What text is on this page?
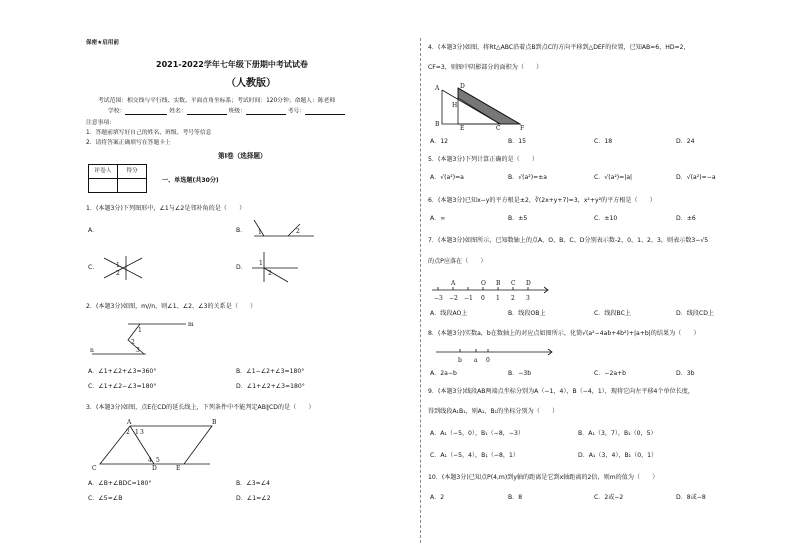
保密★启用前
2021-2022学年七年级下册期中考试试卷
（人教版）
考试范围：相交线与平行线、实数、平面直角坐标系；考试时间：120分钟；命题人：陈老师
学校：	姓名：	班级：	考号：
注意事项：
1．答题前填写好自己的姓名、班级、考号等信息
2．请将答案正确填写在答题卡上
第Ⅰ卷（选择题）
评卷人	得分

一、单选题(共30分)
1．(本题3分)下列图形中，∠1与∠2是邻补角的是（　　）
A．	B． 1	2
C．	1
2
D．
1
2
2．(本题3分)如图，m//n，则∠1、∠2、∠3的关系是（　　）
m
n
1
2
3
A．∠1+∠2+∠3=360°	B．∠1−∠2+∠3=180°
C．∠1+∠2−∠3=180°	D．∠1+∠2+∠3=180°
3．(本题3分)如图，点E在CD的延长线上，下列条件中不能判定AB∥CD的是（　　）
A	B
C	D	E
1
2 3
4 5
A．∠B+∠BDC=180°	B．∠3=∠4
C．∠5=∠B	D．∠1=∠2
4．(本题3分)如图，将Rt△ABC沿着点B到点C的方向平移到△DEF的位置，已知AB=6，HD=2，
CF=3，则图中阴影部分的面积为（　　）
D
A
H
B
E	C	F
A．12	B．15	C．18	D．24
5．(本题3分)下列计算正确的是（　　）
A．√(a²)=a	B．√(a²)=±a	C．√(a²)=|a|	D．√(a²)=−a
6．(本题3分)已知x−y的平方根是±2，∛(2x+y+7)=3，x²+y²的平方根是（　　）
A．∞	B．±5	C．±10	D．±6
7．(本题3分)如图所示，已知数轴上的点A、O、B、C、D分别表示数-2、0、1、2、3，则表示数3−√5
的点P应落在（　　）
A	O B C D
−3 −2 −1 0 1 2 3
A．线段AO上	B．线段OB上	C．线段BC上	D．线段CD上
8．(本题3分)实数a，b在数轴上的对应点如图所示，化简√(a²−4ab+4b²)+|a+b|的结果为（　　）
b a 0
A．2a−b	B．−3b	C．−2a+b	D．3b
9．(本题3分)线段AB两端点坐标分别为A（−1，4），B（−4，1），现将它向左平移4个单位长度，
得到线段A₁B₁，则A₁、B₁的坐标分别为（　　）
A．A₁（−5，0），B₁（−8，−3）	B．A₁（3，7），B₁（0，5）
C．A₁（−5，4），B₁（−8，1）	D．A₁（3，4），B₁（0，1）
10．(本题3分)已知点P(4,m)到y轴的距离是它到x轴距离的2倍，则m的值为（　　）
A．2	B．8	C．2或−2	D．8或−8
